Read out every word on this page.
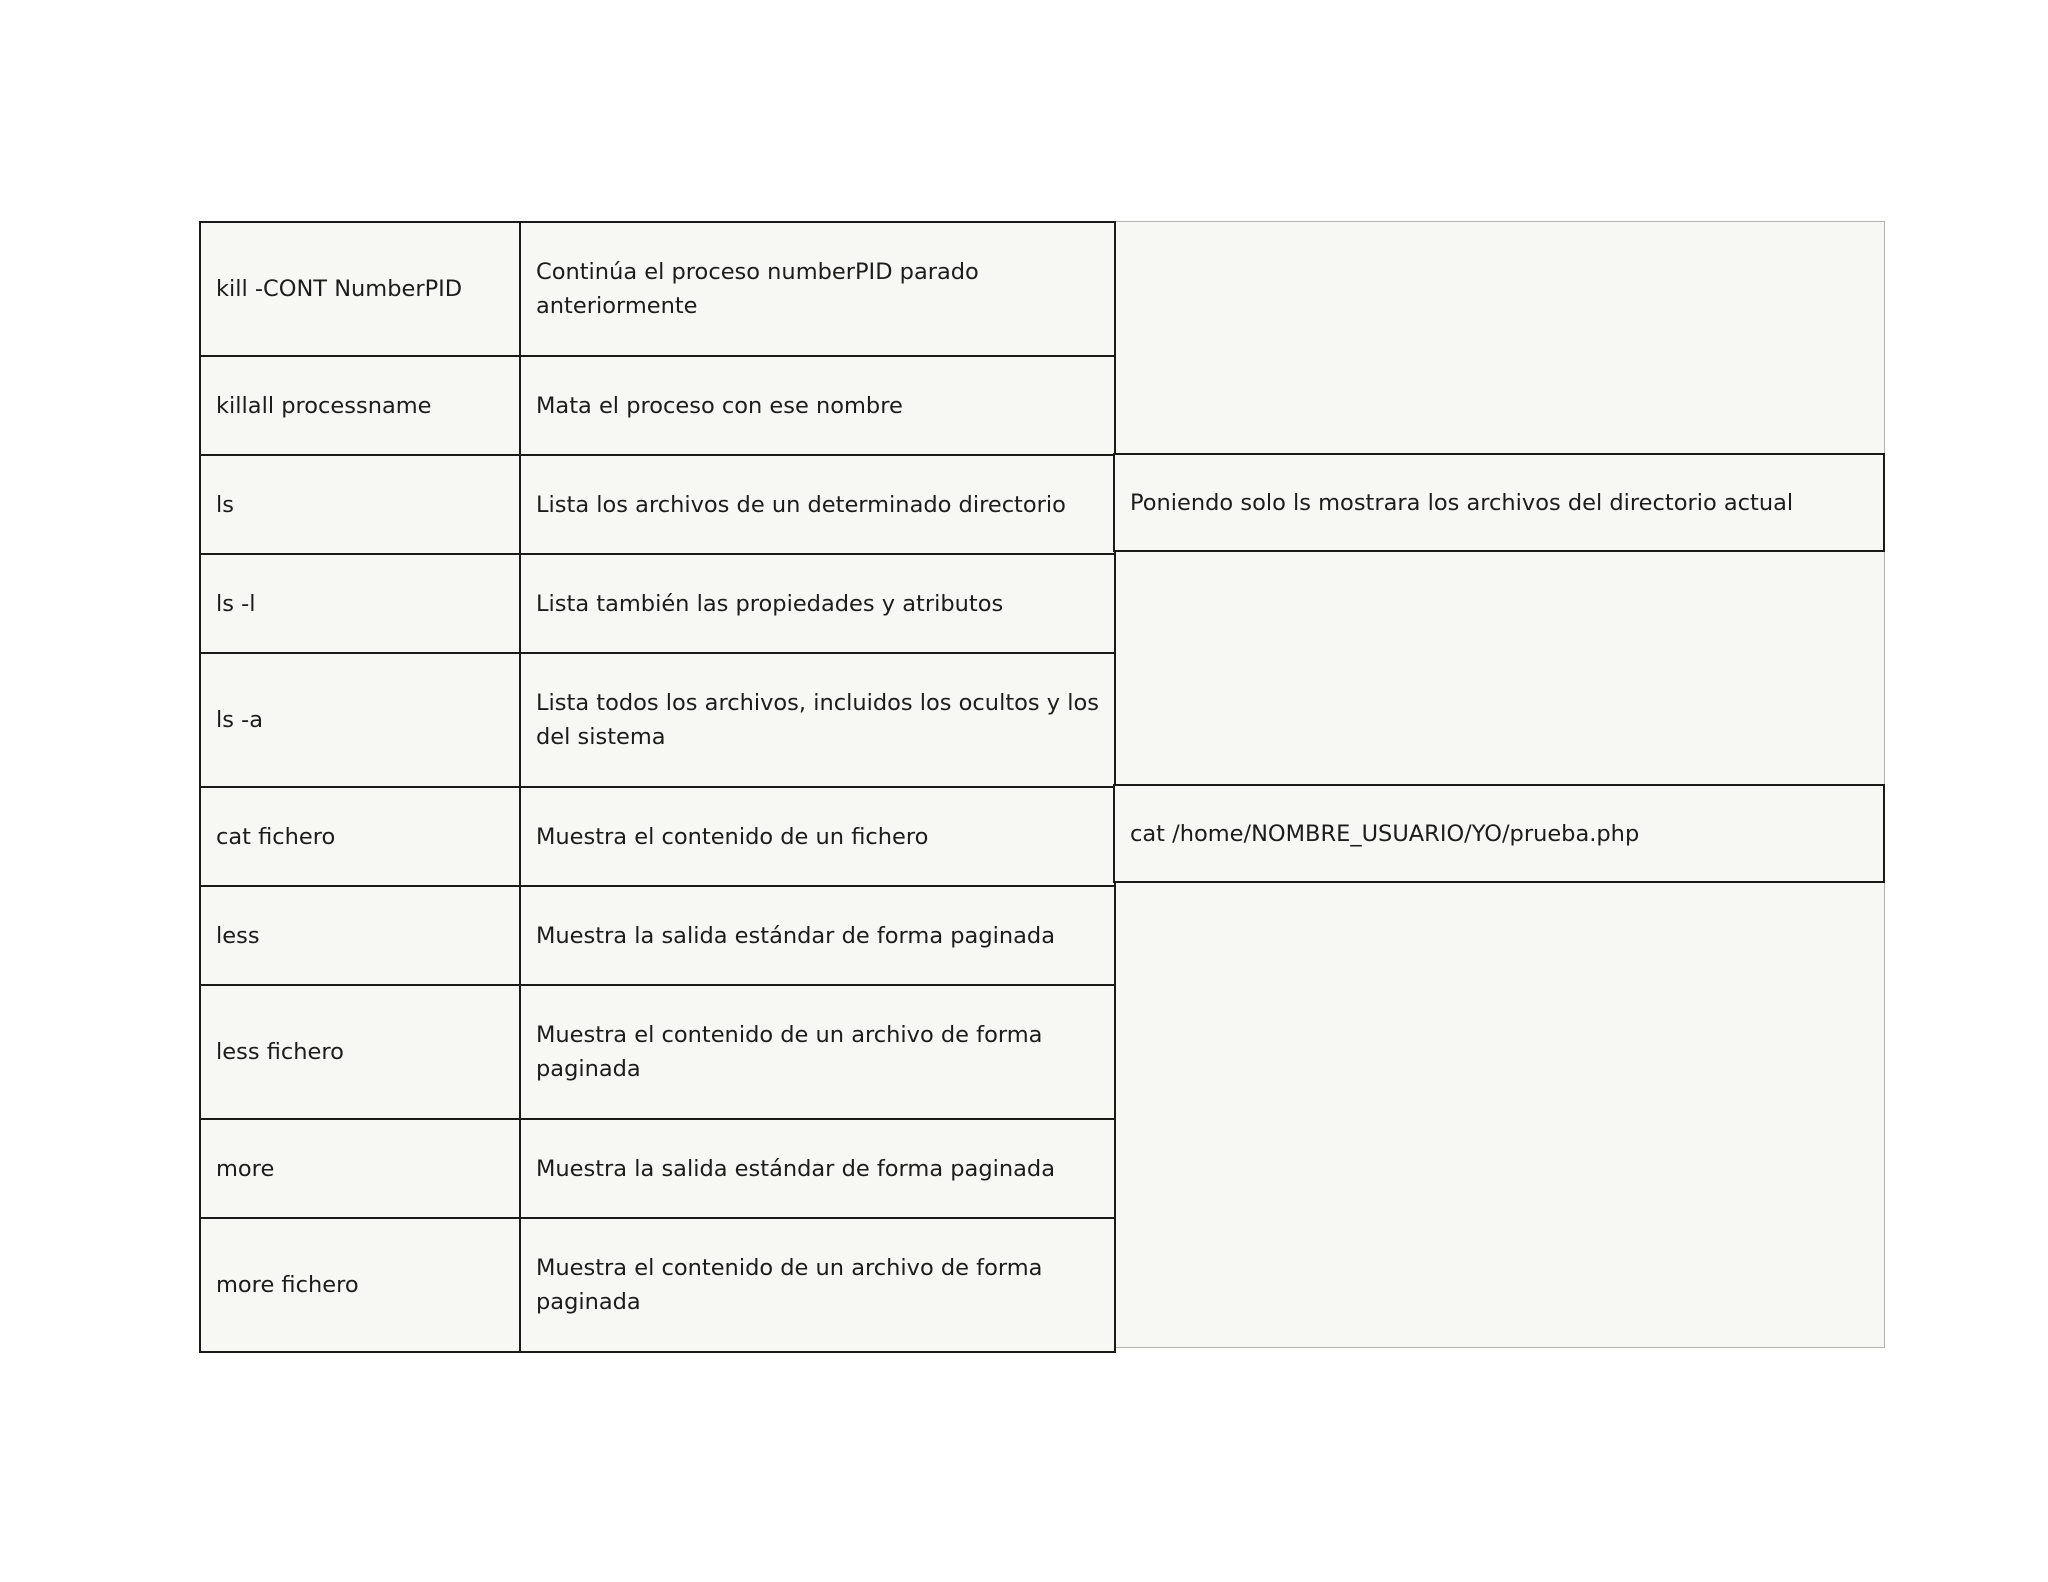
kill -CONT NumberPID	Continúa el proceso numberPID parado anteriormente
killall processname	Mata el proceso con ese nombre
ls	Lista los archivos de un determinado directorio
ls -l	Lista también las propiedades y atributos
ls -a	Lista todos los archivos, incluidos los ocultos y los del sistema
cat fichero	Muestra el contenido de un fichero
less	Muestra la salida estándar de forma paginada
less fichero	Muestra el contenido de un archivo de forma paginada
more	Muestra la salida estándar de forma paginada
more fichero	Muestra el contenido de un archivo de forma paginada
Poniendo solo ls mostrara los archivos del directorio actual
cat /home/NOMBRE_USUARIO/YO/prueba.php
